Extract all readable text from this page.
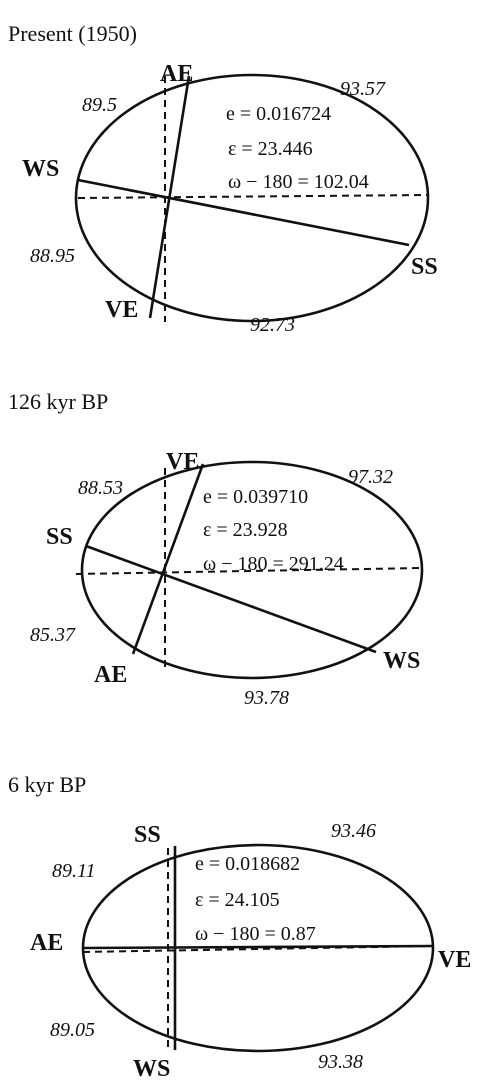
Present (1950)
AE
WS
SS
VE
89.5
93.57
88.95
92.73
e = 0.016724
ε = 23.446
ω − 180 = 102.04
126 kyr BP
VE
SS
WS
AE
88.53	97.32
85.37
93.78
e = 0.039710
ε = 23.928
ω − 180 = 291.24
6 kyr BP
SS
AE
VE
WS
89.11
93.46
89.05
93.38
e = 0.018682
ε = 24.105
ω − 180 = 0.87
